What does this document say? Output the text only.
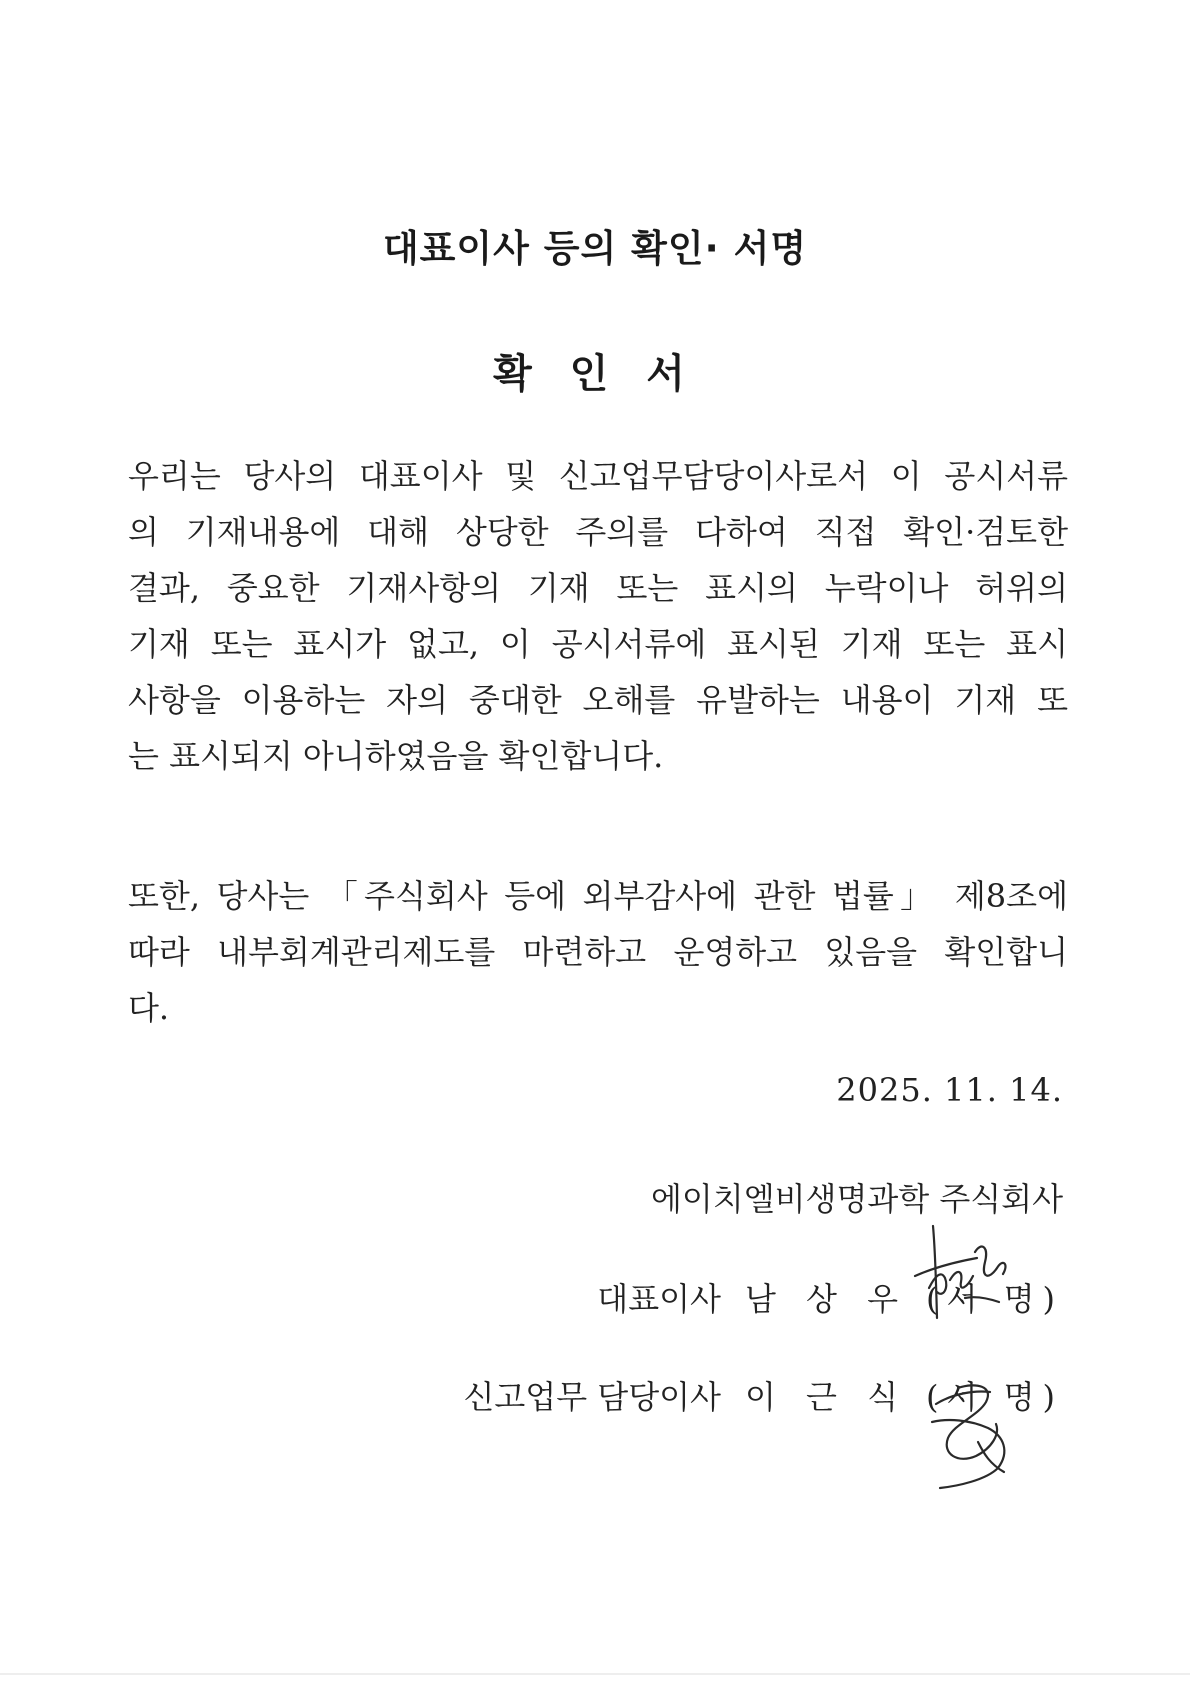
대표이사 등의 확인· 서명
확 인 서
우리는 당사의 대표이사 및 신고업무담당이사로서 이 공시서류
의 기재내용에 대해 상당한 주의를 다하여 직접 확인·검토한
결과, 중요한 기재사항의 기재 또는 표시의 누락이나 허위의
기재 또는 표시가 없고, 이 공시서류에 표시된 기재 또는 표시
사항을 이용하는 자의 중대한 오해를 유발하는 내용이 기재 또
는 표시되지 아니하였음을 확인합니다.
또한, 당사는 「주식회사 등에 외부감사에 관한 법률」 제8조에
따라 내부회계관리제도를 마련하고 운영하고 있음을 확인합니
다.
2025. 11. 14.
에이치엘비생명과학 주식회사
대표이사 남 상 우 (서 명)
신고업무 담당이사 이 근 식 (서 명)
